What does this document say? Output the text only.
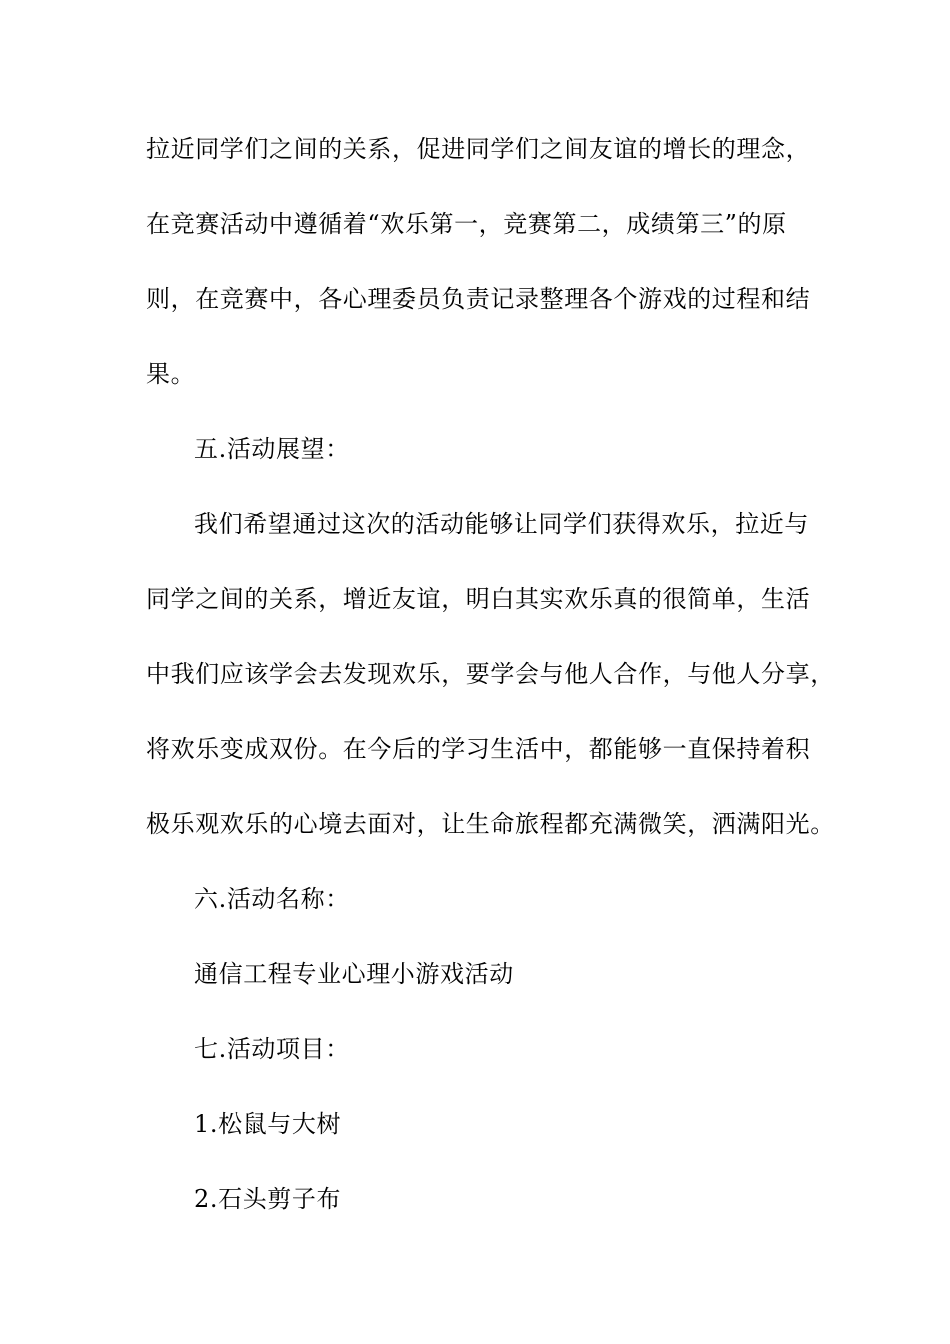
拉近同学们之间的关系，促进同学们之间友谊的增长的理念，
在竞赛活动中遵循着“欢乐第一，竞赛第二，成绩第三”的原
则，在竞赛中，各心理委员负责记录整理各个游戏的过程和结
果。
五.活动展望：
我们希望通过这次的活动能够让同学们获得欢乐，拉近与
同学之间的关系，增近友谊，明白其实欢乐真的很简单，生活
中我们应该学会去发现欢乐，要学会与他人合作，与他人分享，
将欢乐变成双份。在今后的学习生活中，都能够一直保持着积
极乐观欢乐的心境去面对，让生命旅程都充满微笑，洒满阳光。
六.活动名称：
通信工程专业心理小游戏活动
七.活动项目：
1.松鼠与大树
2.石头剪子布
